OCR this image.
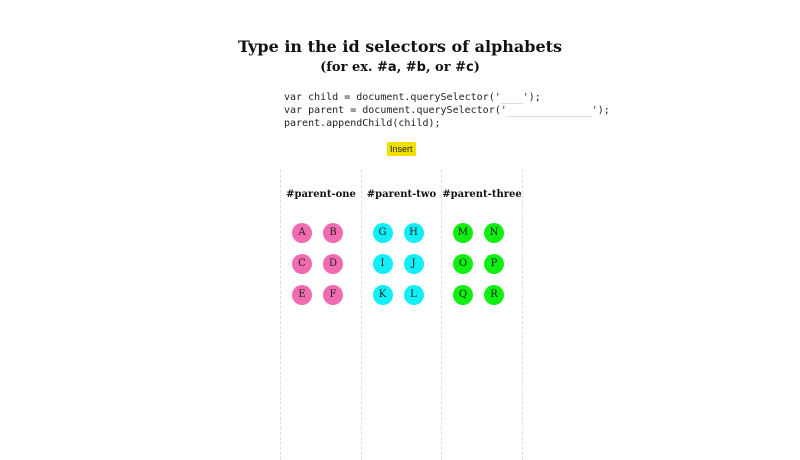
Type in the id selectors of alphabets
(for ex. #a, #b, or #c)
var child = document.querySelector(' ');
var parent = document.querySelector('	');
parent.appendChild(child);
Insert
#parent-one
A	B
C	D
E	F
#parent-two
G	H
I	J
K	L
#parent-three
M	N
O	P
Q	R
